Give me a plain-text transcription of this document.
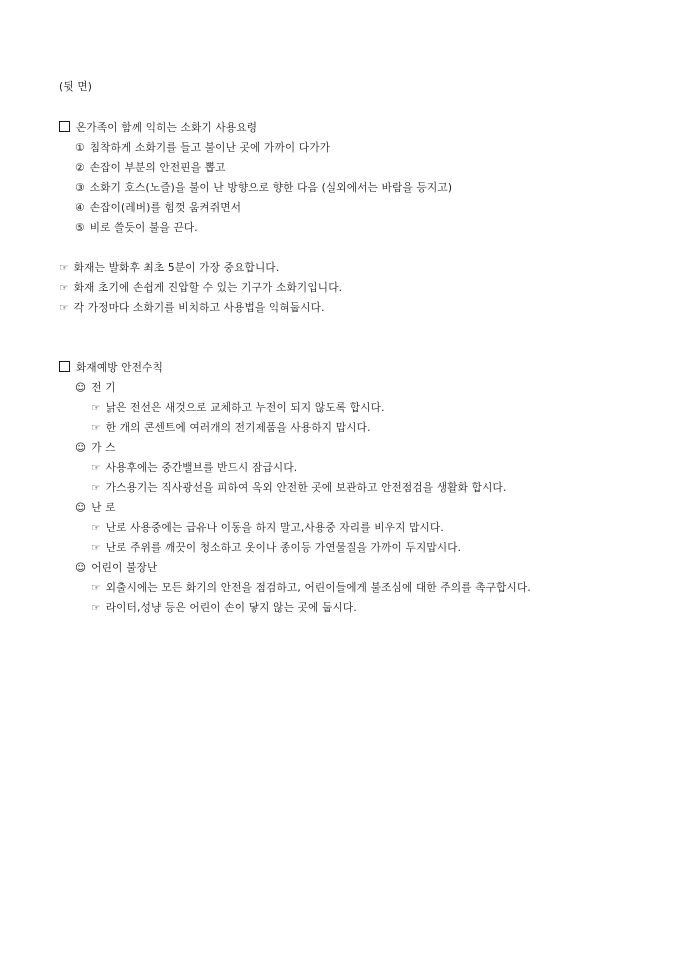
(뒷 면)
온가족이 함께 익히는 소화기 사용요령
① 침착하게 소화기를 들고 불이난 곳에 가까이 다가가
② 손잡이 부분의 안전핀을 뽑고
③ 소화기 호스(노즐)을 불이 난 방향으로 향한 다음 (실외에서는 바람을 등지고)
④ 손잡이(레버)를 힘껏 움켜쥐면서
⑤ 비로 쓸듯이 불을 끈다.
☞ 화재는 발화후 최초 5분이 가장 중요합니다.
☞ 화재 초기에 손쉽게 진압할 수 있는 기구가 소화기입니다.
☞ 각 가정마다 소화기를 비치하고 사용법을 익혀둡시다.
화재예방 안전수칙
☺ 전 기
☞ 낡은 전선은 새것으로 교체하고 누전이 되지 않도록 합시다.
☞ 한 개의 콘센트에 여러개의 전기제품을 사용하지 맙시다.
☺ 가 스
☞ 사용후에는 중간밸브를 반드시 잠급시다.
☞ 가스용기는 직사광선을 피하여 옥외 안전한 곳에 보관하고 안전점검을 생활화 합시다.
☺ 난 로
☞ 난로 사용중에는 급유나 이동을 하지 말고,사용중 자리를 비우지 맙시다.
☞ 난로 주위를 깨끗이 청소하고 옷이나 종이등 가연물질을 가까이 두지맙시다.
☺ 어린이 불장난
☞ 외출시에는 모든 화기의 안전을 점검하고, 어린이들에게 불조심에 대한 주의를 촉구합시다.
☞ 라이터,성냥 등은 어린이 손이 닿지 않는 곳에 둡시다.
